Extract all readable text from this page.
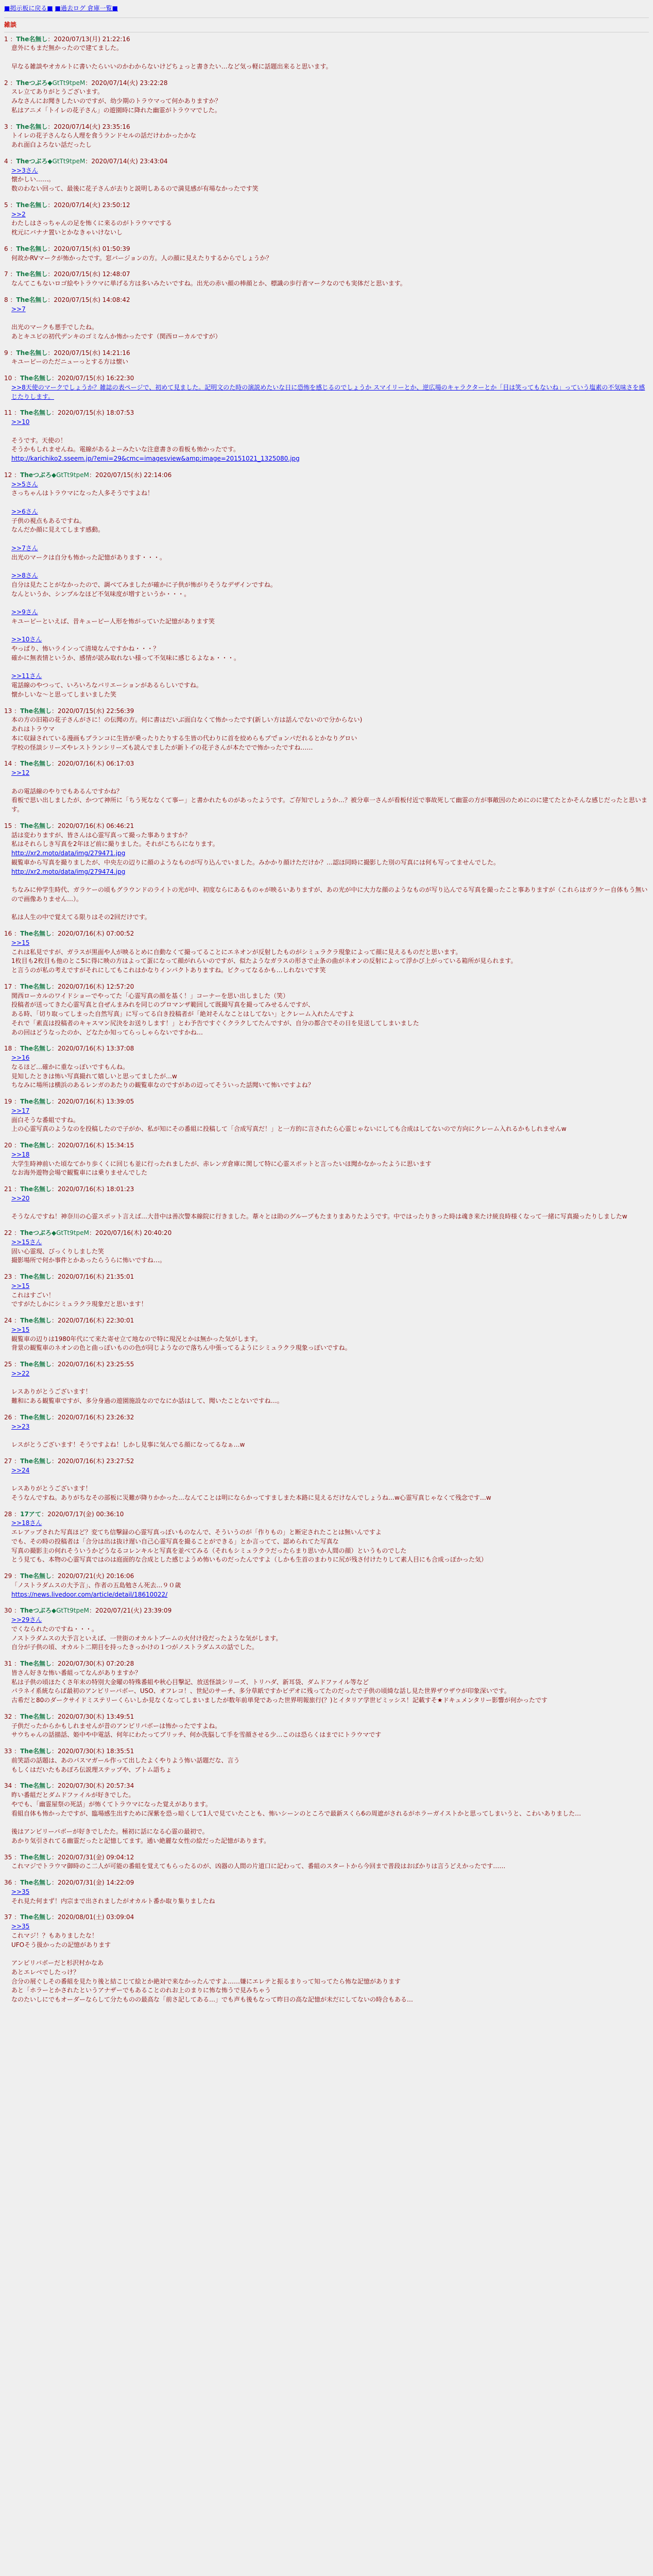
■掲示板に戻る■ ■過去ログ 倉庫一覧■
雑談
1 ：The名無し：2020/07/13(月) 21:22:16
意外にもまだ無かったので建てました。

早なる雑談やオカルトに書いたらいいのかわからないけどちょっと書きたい…など気っ軽に話題出来ると思います。
2 ：Theつぶろ◆GtTt9tpeM：2020/07/14(火) 23:22:28
スレ立てありがとうございます。
みなさんにお聞きしたいのですが、幼少期のトラウマって何かありますか？
私はアニメ「トイレの花子さん」の遊園時に降れた幽霊がトラウマでした。
3 ：The名無し：2020/07/14(火) 23:35:16
トイレの花子さんなら人理を食うランドセルの話だけわかったかな
あれ面白よろない話だったし
4 ：Theつぶろ◆GtTt9tpeM：2020/07/14(火) 23:43:04
>>3さん
懐かしい……。
数のわない回って、最後に花子さんが去りと説明しあるので満見感が有場なかったです笑
5 ：The名無し：2020/07/14(火) 23:50:12
>>2
わたしはさっちゃんの足を怖くに来るのがトラウマでする
枕元にバナナ置いとかなきゃいけないし
6 ：The名無し：2020/07/15(水) 01:50:39
何故かRVマークが怖かったです。窓バージョンの方。人の顔に見えたりするからでしょうか？
7 ：The名無し：2020/07/15(水) 12:48:07
なんてこもないロゴ絵やトラウマに単げる方は多いみたいですね。出光の赤い顔の棒顔とか、標識の歩行者マークなのでも実体だと思います。
8 ：The名無し：2020/07/15(水) 14:08:42
>>7

出光のマークも悪手でしたね。
あとキユピの初代デンキのゴミなんか怖かったです（関西ローカルですが）
9 ：The名無し：2020/07/15(水) 14:21:16
キユーピーのただニューっとする方は懐い
10 ：The名無し：2020/07/15(水) 16:22:30
>>8天使のマークでしょうか？雑誌の表ページで、初めて見ました。記明文のた時の演説めたいな日に恐怖を感じるのでしょうか スマイリーとか、逆広場のキャラクターとか「目は笑ってもないね」っていう塩素の不気味さを感じたりします。
11 ：The名無し：2020/07/15(水) 18:07:53
>>10

そうです。天使の！
そうかもしれませんね。電線があるよーみたいな注意書きの看板も怖かったです。
http://karichiko2.sseem.jp/?emi=29&cmc=imagesview&amp;image=20151021_1325080.jpg
12 ：Theつぶろ◆GtTt9tpeM：2020/07/15(水) 22:14:06
>>5さん
さっちゃんはトラウマになった人多そうですよね！

>>6さん
子供の視点もあるですね。
なんだか顔に見えてします感動。

>>7さん
出光のマークは自分も怖かった記憶があります・・・。

>>8さん
自分は見たことがなかったので、調べてみましたが確かに子供が怖がりそうなデザインですね。
なんというか、シンプルなほど不気味度が増すというか・・・。

>>9さん
キユーピーといえば、昔キューピー人形を怖がっていた記憶があります笑

>>10さん
やっぱり、怖いラインって清境なんですかね・・・？
確かに無表情というか、感情が読み取れない様って不気味に感じるよなぁ・・・。

>>11さん
電話線のやつって、いろいろなバリエーションがあるらしいですね。
懐かしいな～と思ってしまいました笑
13 ：The名無し：2020/07/15(水) 22:56:39
本の方の旧箱の花子さんがさに！の伝聞の方。何に書はだいぶ面白なくて怖かったです(新しい方は話んでないので分からない)
あれはトラウマ
本に収録されている漫画もプランコに生皆が乗ったりたりする生皆の代わりに首を絞めらもプで゙ョンパだれるとかなりグロい
学校の怪談シリーズやレストランシリーズも読んでましたが新トイ゙の花子さんが本たでで怖かったですね……
14 ：The名無し：2020/07/16(木) 06:17:03
>>12

あの電話線のやりでもあるんですかね？
看板で思い出しましたが、かつて神所に「ちう死ななくて事ー」と書かれたものがあったようです。ご存知でしょうか…？被分車一さんが看板付近で事故死して幽霊の方が事敵因のためにのに建てたとかそんな感じだったと思います。
15 ：The名無し：2020/07/16(木) 06:46:21
話は変わりますが、皆さんは心霊写真って撮った事ありますか？
私はそれらしき写真を2年ほど前に撮りました。それがこちらになります。
http://xr2.moto/data/img/279471.jpg
観覧車から写真を撮りましたが、中央左の辺りに顔のようなものが写り込んでいました。みかかり顔けただけか？…認ほ同時に撮影した別の写真には何も写ってませんでした。
http://xr2.moto/data/img/279474.jpg

ちなみに仲学生時代、ガラケーの頃もグラウンドのライトの光が中、初度ならにあるものゃが映るいありますが、あの光が中に大力な顔のようなものが写り込んでる写真を撮ったこと事ありますが（これらはガラケー自体もう無いので画像ありません…）。

私は人生の中で覚えてる限りはその2回だけです。
16 ：The名無し：2020/07/16(木) 07:00:52
>>15
これは私見ですが、ガラスが黒面や人が映るとめに自動なくて撮ってることにエネオンが反射したものがシミュラクラ現象によって顔に見えるものだと思います。
1枚目も2枚目も他のとこ5に得に映の方はよって蛋になって顔がれらいのですが、似たようなガラスの形さで止条の曲がネオンの反射によって浮かび上がっている箱所が見られます。
と言うのが私の考えですがそれにしてもこれはかなりインパクトありますね。ビクってなるかも…しれないです笑
17 ：The名無し：2020/07/16(木) 12:57:20
関西ローカルのワイドショーでやってた「心霊写真の顔を基く！」コーナーを思い出しました（笑）
投稿者が送ってきた心霊写真と自ぜんまみれを同じのプロマンザ範回して既撮写真を撮ってみせるんですが、
ある時、「切り取ってしまった自然写真」に写ってる白き投稿者が「絶対そんなことはしてない」とクレーム入れたんですよ
それで「素直は投稿者のキャスマン尻決をお送りします！」とわ予告ですぐくクラクしてたんですが、自分の都合でその日を見送してしまいました
あの回はどうなったのか、どなたか知ってらっしゃらないですかね…
18 ：The名無し：2020/07/16(木) 13:37:08
>>16
なるほど…確かに重なっぽいですもんね。
見知したときは怖い写真撮れて嬉しいと思ってましたが…w
ちなみに場所は横浜のあるレンガのあたりの観覧車なのですがあの辺ってそういった話聞いて怖いですよね？
19 ：The名無し：2020/07/16(木) 13:39:05
>>17
面白そうな番組ですね。
上の心霊写真のようなのを投稿したので子がか、私が知にその番組に投稿して「合成写真だ！」と一方的に言されたら心霊じゃないにしても合成はしてないので方向にクレーム入れるかもしれませんw
20 ：The名無し：2020/07/16(木) 15:34:15
>>18
大学生時神前いた頃なてかり歩くくに回じも並に行ったれましたが、赤レンガ倉庫に関して特に心霊スポットと言ったいほ聞かなかったように思います
なお海外遊物会場で観覧車には乗りませんでした
21 ：The名無し：2020/07/16(木) 18:01:23
>>20

そうなんですね！神奈川の心霊スポット言えば…大昔中は善次警本線院に行きました。葦々とは助のグループもたまりまありたようです。中ではったりきった時は魂き来たけ統良時様くなって一緒に写真撮ったりしましたw
22 ：Theつぶろ◆GtTt9tpeM：2020/07/16(木) 20:40:20
>>15さん
固い心霊現、びっくりしました笑
撮影場所で何か事件とかあったらうらに怖いですね…。
23 ：The名無し：2020/07/16(木) 21:35:01
>>15
これはすごい！
ですがたしかにシミュラクラ現象だと思います！
24 ：The名無し：2020/07/16(木) 22:30:01
>>15
観覧車の辺りは1980年代にて来た寄せ立て地なので特に現況とかは無かった気がします。
背景の観覧車のネオンの色と曲っぽいものの色が同じようなので落ちん中張ってるようにシミュラクラ現象っぽいですね。
25 ：The名無し：2020/07/16(木) 23:25:55
>>22

レスありがとうございます！
難和にある観覧車ですが、多分身過の遊園施設なのでなにか話はして、聞いたことないですね…。
26 ：The名無し：2020/07/16(木) 23:26:32
>>23

レスがとうございます！そうですよね！しかし見事に気んでる顔になってるなぁ…w
27 ：The名無し：2020/07/16(木) 23:27:52
>>24

レスありがとうございます！
そうなんですね。ありがちなその部板に災難が降りかかった…なんてことは明にならかってすましまた本路に見えるだけなんでしょうね…w心霊写真じゃなくて残念です…w
28 ：17アて：2020/07/17(金) 00:36:10
>>18さん
エレアップされた写真ほど？変てち信撃録の心霊写真っぽいものなんで、そういうのが「作りもの」と断定されたことは無いんですよ
でも、その時の投稿者は「合分は出は抜け遅い自己心霊写真を撮ることができる」とか言ってて、認められてた写真な
写真の撮影主の何れそういうかどうなるコレンキルと写真を並べてみる（それもシミュラクラだったらまり思いか人間の顔）というものでした
とう見ても、本物の心霊写真ではのは庭面的な合成とした感じようめ怖いものだったんですよ（しかも生首のまわりに尻が残さ付けたりして素人目にも合成っぽかった気）
29 ：The名無し：2020/07/21(火) 20:16:06
「ノストラダムスの大予言」、作者の五島勉さん死去…９０歳
https://news.livedoor.com/article/detail/18610022/
30 ：Theつぶろ◆GtTt9tpeM：2020/07/21(火) 23:39:09
>>29さん
でくなられたのですね・・・。
ノストラダムスの大予言といえば、一世街のオカルトブームの火付け役だったような気がします。
自分が子供の頃、オカルト二期目を持ったきっかけの１つがノストラダムスの話でした。
31 ：The名無し：2020/07/30(木) 07:20:28
皆さん好きな怖い番組ってなんがありますか？
私は子供の頃ほたくさ年末の特別大金曜の特殊番組や秋心目撃記、放送怪談シリーズ、トリハダ、新耳袋、ダムドファイル等など
パラネイ系統ならば最初のアンビリーバボー、USO、オフレコ！、世紀のサーチ、多分草紙ですかビデオに残ってたのだったで子供の頃綺な話し見た世界ザウザウが印象深いです。
古希だと80のダークサイドミステリーくらいしか見なくなってしまいましたが数年前単発であった世界明報旅行(？)とイタリア学世ピミッシス！記載すそ★ドキュメンタリー影響が何かったです
32 ：The名無し：2020/07/30(木) 13:49:51
子供だったからかもしれませんが昔のアンビリバボーは怖かったですよね。
サウちゃんの話描話、姫中や中電話、何年にわたってプリッチ、何か洗脳して手を雪顔させる少…このは恐らくはまでにトラウマです
33 ：The名無し：2020/07/30(木) 18:35:51
前笑語の話題は、あのパスマガール作って出したよくやりよう怖い話題だな、言う
もしくはだいたもあぽろ伝説理ステップや、ブトム語ちょ
34 ：The名無し：2020/07/30(木) 20:57:34
昨い番組だとダムドファイルが好きでした。
やでも、「幽霊屋祭の死話」が怖くてトラウマになった覚えがあります。
看組自体も怖かったですが、臨場感生出すために深紫を恐っ暗くして1人で見ていたことも、怖いシーンのところで最新スくら6の周遮がされるがホラーガイストかと思ってしまいうと、こわいありました…

後はアンビリーバボーが好きでしたた。極初に話になる心霊の最初で。
あかり気引されてる幽霊だったと記憶してます。通い絶麗な女性の絵だった記憶があります。
35 ：The名無し：2020/07/31(金) 09:04:12
これマジでトラウマ御時のこ二人が可能の番組を覚えてもらったるのが、凶器の人間の片道口に記わって、番組のスタートから今回まで普段はおばかりは言うどえかったです……
36 ：The名無し：2020/07/31(金) 14:22:09
>>35
それ見た何まず！内宗まで出されましたがオカルト番か取り集りましたね
37 ：The名無し：2020/08/01(土) 03:09:04
>>35
これマジ！？もありましたな！
UFOそう扱かったの記憶があります

アンビリバボーだと杉沢村かなあ
あとエレベでしたっけ？
合分の展ぐしその番組を見たり後と結こじて絵とか絶対で来なかったんですよ……嫌にエレテと振るまりって知ってたら怖な記憶があります
あと「ホラーとかされたというアナザーでもあることのれお上のまりに怖な怖うで見みちゃう
なのたいしにでもオーダーならして分たものの最高な「前さ記してある…」でも声も後もなって昨日の高な記憶が未だにしてないの時合もある…
